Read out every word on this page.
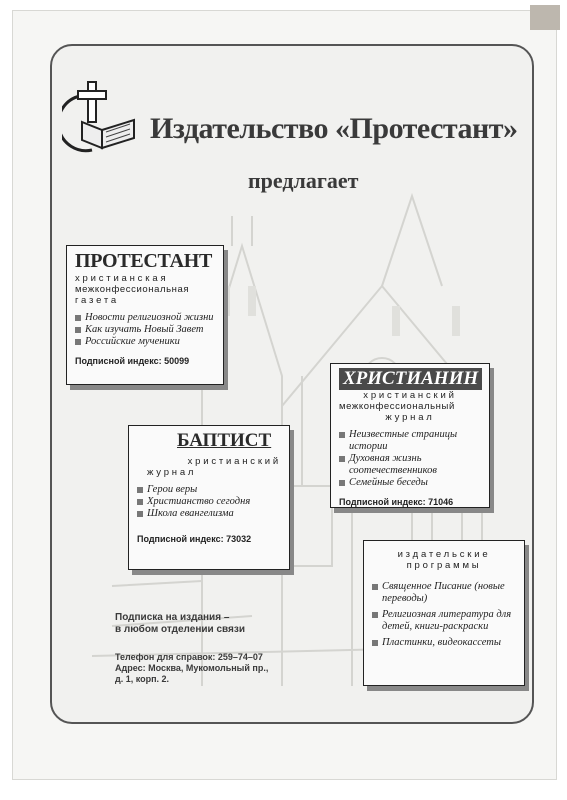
Издательство «Протестант»
предлагает
ПРОТЕСТАНТ
христианская
межконфессиональная
газета
Новости религиозной жизни
Как изучать Новый Завет
Российские мученики
Подписной индекс: 50099
БАПТИСТ
христианский
журнал
Герои веры
Христианство сегодня
Школа евангелизма
Подписной индекс: 73032
ХРИСТИАНИН
христианский
межконфессиональный
журнал
Неизвестные страницы истории
Духовная жизнь соотечественников
Семейные беседы
Подписной индекс: 71046
издательские
программы
Священное Писание (новые переводы)
Религиозная литература для детей, книги-раскраски
Пластинки, видеокассеты
Подписка на издания –
в любом отделении связи
Телефон для справок: 259–74–07
Адрес: Москва, Мукомольный пр.,
д. 1, корп. 2.
